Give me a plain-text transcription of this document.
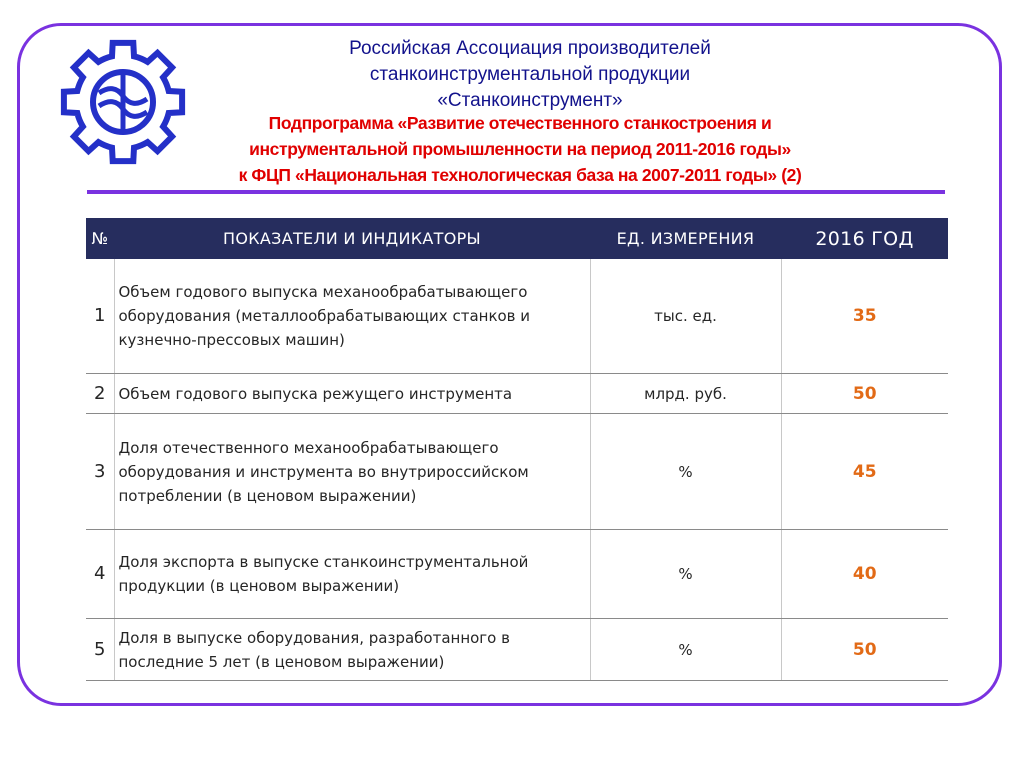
Российская Ассоциация производителей
станкоинструментальной продукции
«Станкоинструмент»
Подпрограмма «Развитие отечественного станкостроения и
инструментальной промышленности на период 2011-2016 годы»
к ФЦП «Национальная технологическая база на 2007-2011 годы» (2)
№	ПОКАЗАТЕЛИ И ИНДИКАТОРЫ	ЕД. ИЗМЕРЕНИЯ	2016 ГОД
1	Объем годового выпуска механообрабатывающего
оборудования (металлообрабатывающих станков и
кузнечно-прессовых машин)	тыс. ед.	35
2	Объем годового выпуска режущего инструмента	млрд. руб.	50
3	Доля отечественного механообрабатывающего
оборудования и инструмента во внутрироссийском
потреблении (в ценовом выражении)	%	45
4	Доля экспорта в выпуске станкоинструментальной
продукции (в ценовом выражении)	%	40
5	Доля в выпуске оборудования, разработанного в
последние 5 лет (в ценовом выражении)	%	50
